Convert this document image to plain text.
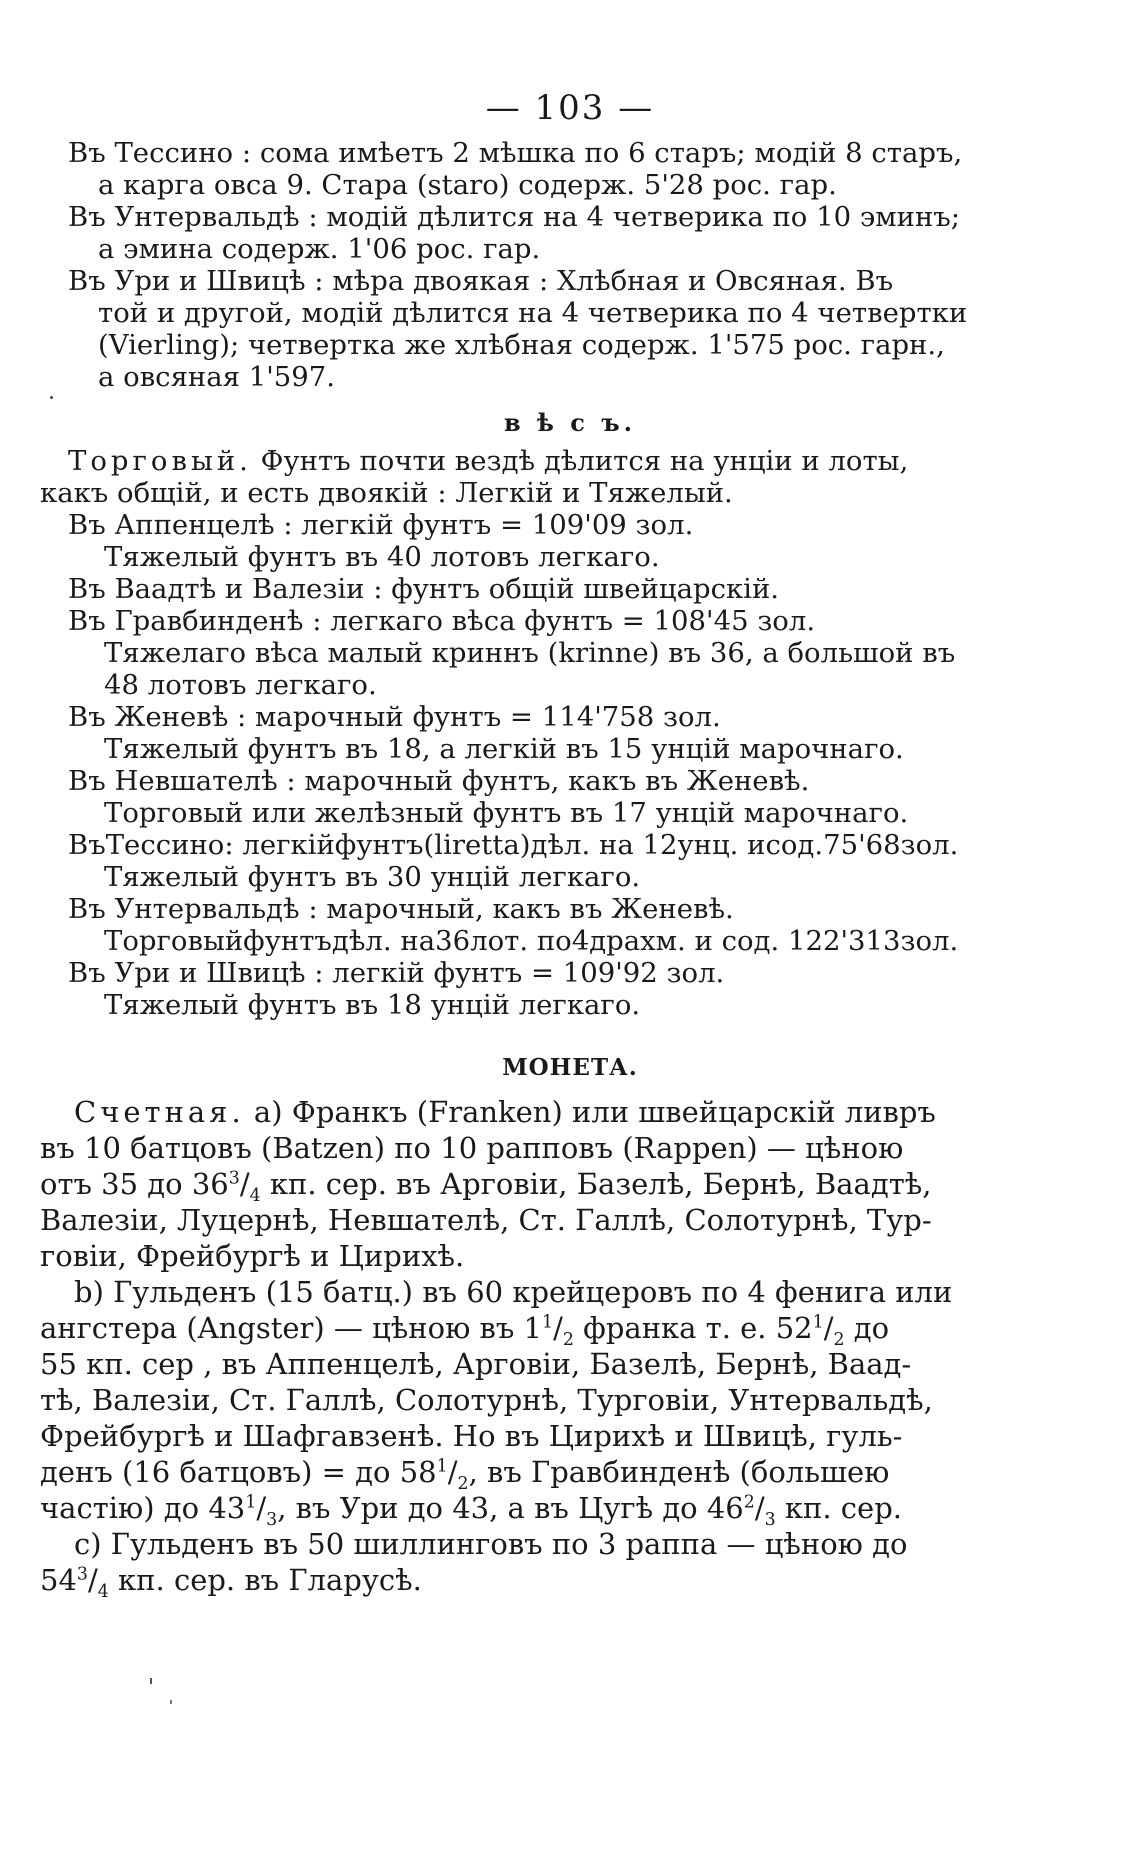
— 103 —
Въ Тессино : сома имѣетъ 2 мѣшка по 6 старъ; модій 8 старъ,
а карга овса 9. Стара (staro) содерж. 5'28 рос. гар.
Въ Унтервальдѣ : модій дѣлится на 4 четверика по 10 эминъ;
а эмина содерж. 1'06 рос. гар.
Въ Ури и Швицѣ : мѣра двоякая : Хлѣбная и Овсяная. Въ
той и другой, модій дѣлится на 4 четверика по 4 четвертки
(Vierling); четвертка же хлѣбная содерж. 1'575 рос. гарн.,
а овсяная 1'597.
в ѣ с ъ.
Торговый. Фунтъ почти вездѣ дѣлится на унціи и лоты,
какъ общій, и есть двоякій : Легкій и Тяжелый.
Въ Аппенцелѣ : легкій фунтъ = 109'09 зол.
Тяжелый фунтъ въ 40 лотовъ легкаго.
Въ Ваадтѣ и Валезіи : фунтъ общій швейцарскій.
Въ Гравбинденѣ : легкаго вѣса фунтъ = 108'45 зол.
Тяжелаго вѣса малый криннъ (krinne) въ 36, а большой въ
48 лотовъ легкаго.
Въ Женевѣ : марочный фунтъ = 114'758 зол.
Тяжелый фунтъ въ 18, а легкій въ 15 унцій марочнаго.
Въ Невшателѣ : марочный фунтъ, какъ въ Женевѣ.
Торговый или желѣзный фунтъ въ 17 унцій марочнаго.
ВъТессино: легкійфунтъ(liretta)дѣл. на 12унц. исод.75'68зол.
Тяжелый фунтъ въ 30 унцій легкаго.
Въ Унтервальдѣ : марочный, какъ въ Женевѣ.
Торговыйфунтъдѣл. на36лот. по4драхм. и сод. 122'313зол.
Въ Ури и Швицѣ : легкій фунтъ = 109'92 зол.
Тяжелый фунтъ въ 18 унцій легкаго.
МОНЕТА.
Счетная. а) Франкъ (Franken) или швейцарскій ливръ
въ 10 батцовъ (Batzen) по 10 рапповъ (Rappen) — цѣною
отъ 35 до $36^3/_4$ кп. сер. въ Арговіи, Базелѣ, Бернѣ, Ваадтѣ,
Валезіи, Луцернѣ, Невшателѣ, Ст. Галлѣ, Солотурнѣ, Тур-
говіи, Фрейбургѣ и Цирихѣ.
b) Гульденъ (15 батц.) въ 60 крейцеровъ по 4 фенига или
ангстера (Angster) — цѣною въ $1^1/_2$ франка т. е. $52^1/_2$ до
55 кп. сер , въ Аппенцелѣ, Арговіи, Базелѣ, Бернѣ, Ваад-
тѣ, Валезіи, Ст. Галлѣ, Солотурнѣ, Турговіи, Унтервальдѣ,
Фрейбургѣ и Шафгавзенѣ. Но въ Цирихѣ и Швицѣ, гуль-
денъ (16 батцовъ) = до $58^1/_2$, въ Гравбинденѣ (большею
частію) до $43^1/_3$, въ Ури до 43, а въ Цугѣ до $46^2/_3$ кп. сер.
с) Гульденъ въ 50 шиллинговъ по 3 раппа — цѣною до
$54^3/_4$ кп. сер. въ Гларусѣ.
